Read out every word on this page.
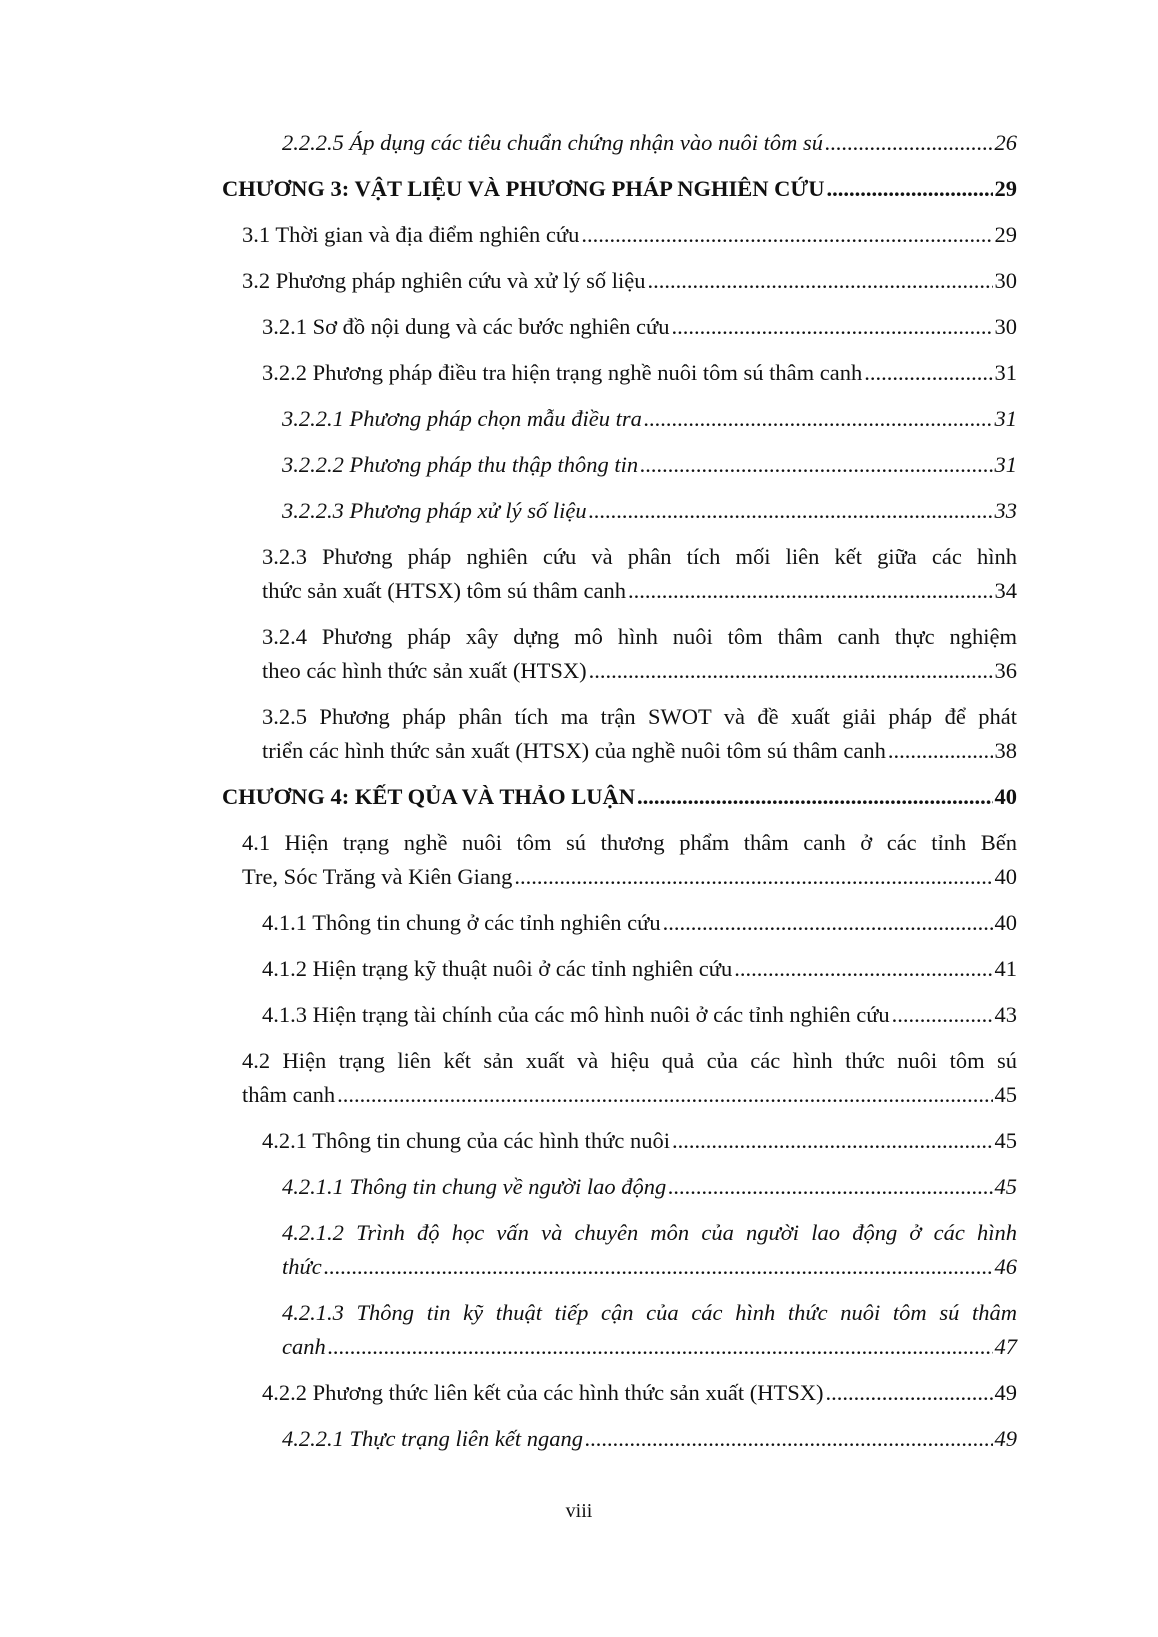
2.2.2.5 Áp dụng các tiêu chuẩn chứng nhận vào nuôi tôm sú .....	26
CHƯƠNG 3: VẬT LIỆU VÀ PHƯƠNG PHÁP NGHIÊN CỨU .....	29
3.1 Thời gian và địa điểm nghiên cứu .....	29
3.2 Phương pháp nghiên cứu và xử lý số liệu .....	30
3.2.1 Sơ đồ nội dung và các bước nghiên cứu .....	30
3.2.2 Phương pháp điều tra hiện trạng nghề nuôi tôm sú thâm canh .....	31
3.2.2.1 Phương pháp chọn mẫu điều tra .....	31
3.2.2.2 Phương pháp thu thập thông tin .....	31
3.2.2.3 Phương pháp xử lý số liệu .....	33
3.2.3 Phương pháp nghiên cứu và phân tích mối liên kết giữa các hình
thức sản xuất (HTSX) tôm sú thâm canh .....	34
3.2.4 Phương pháp xây dựng mô hình nuôi tôm thâm canh thực nghiệm
theo các hình thức sản xuất (HTSX) .....	36
3.2.5 Phương pháp phân tích ma trận SWOT và đề xuất giải pháp để phát
triển các hình thức sản xuất (HTSX) của nghề nuôi tôm sú thâm canh .....	38
CHƯƠNG 4: KẾT QỦA VÀ THẢO LUẬN .....	40
4.1 Hiện trạng nghề nuôi tôm sú thương phẩm thâm canh ở các tỉnh Bến
Tre, Sóc Trăng và Kiên Giang .....	40
4.1.1 Thông tin chung ở các tỉnh nghiên cứu .....	40
4.1.2 Hiện trạng kỹ thuật nuôi ở các tỉnh nghiên cứu .....	41
4.1.3 Hiện trạng tài chính của các mô hình nuôi ở các tỉnh nghiên cứu .....	43
4.2 Hiện trạng liên kết sản xuất và hiệu quả của các hình thức nuôi tôm sú
thâm canh .....	45
4.2.1 Thông tin chung của các hình thức nuôi .....	45
4.2.1.1 Thông tin chung về người lao động .....	45
4.2.1.2 Trình độ học vấn và chuyên môn của người lao động ở các hình
thức .....	46
4.2.1.3 Thông tin kỹ thuật tiếp cận của các hình thức nuôi tôm sú thâm
canh .....	47
4.2.2 Phương thức liên kết của các hình thức sản xuất (HTSX) .....	49
4.2.2.1 Thực trạng liên kết ngang .....	49
viii
